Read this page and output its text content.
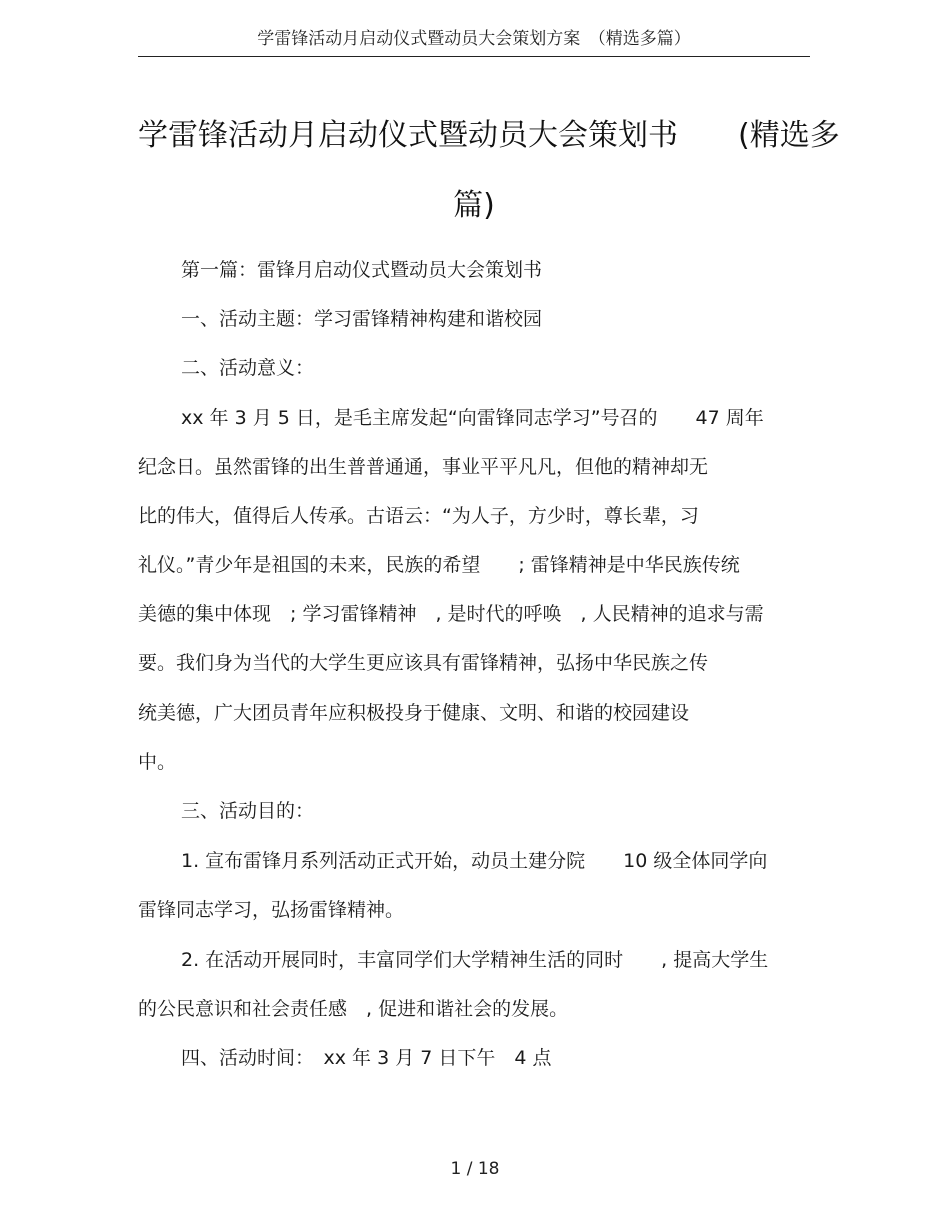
学雷锋活动月启动仪式暨动员大会策划方案　（精选多篇）
学雷锋活动月启动仪式暨动员大会策划书　　(精选多
篇)

第一篇：雷锋月启动仪式暨动员大会策划书

一、活动主题：学习雷锋精神构建和谐校园

二、活动意义：

xx 年 3 月 5 日，是毛主席发起“向雷锋同志学习”号召的　　47 周年

纪念日。虽然雷锋的出生普普通通，事业平平凡凡，但他的精神却无

比的伟大，值得后人传承。古语云：“为人子，方少时，尊长辈，习

礼仪。”青少年是祖国的未来，民族的希望　　; 雷锋精神是中华民族传统

美德的集中体现　; 学习雷锋精神　, 是时代的呼唤　, 人民精神的追求与需

要。我们身为当代的大学生更应该具有雷锋精神，弘扬中华民族之传

统美德，广大团员青年应积极投身于健康、文明、和谐的校园建设

中。

三、活动目的：

1. 宣布雷锋月系列活动正式开始，动员土建分院　　10 级全体同学向

雷锋同志学习，弘扬雷锋精神。

2. 在活动开展同时，丰富同学们大学精神生活的同时　　, 提高大学生

的公民意识和社会责任感　, 促进和谐社会的发展。

四、活动时间：　xx 年 3 月 7 日下午　4 点

1 / 18
